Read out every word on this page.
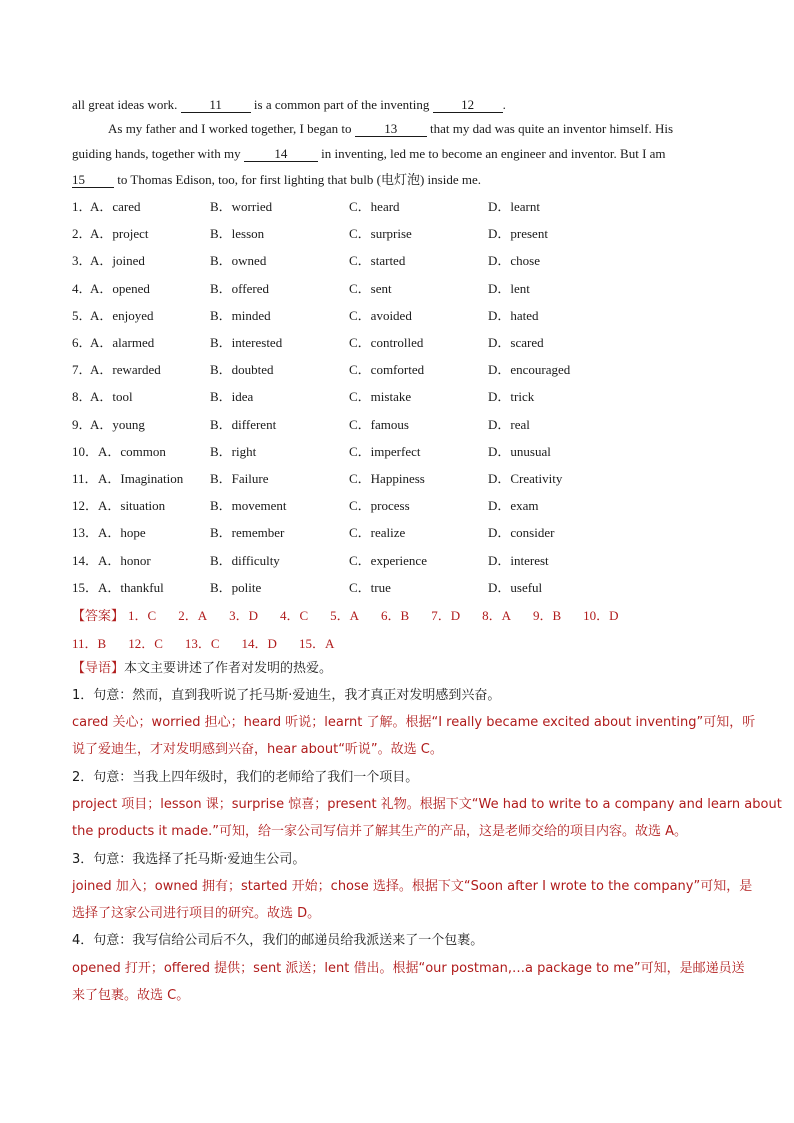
all great ideas work. 11 is a common part of the inventing 12 .
As my father and I worked together, I began to 13 that my dad was quite an inventor himself. His
guiding hands, together with my 14 in inventing, led me to become an engineer and inventor. But I am
15 to Thomas Edison, too, for first lighting that bulb (电灯泡) inside me.
1．
A．cared	B．worried	C．heard	D．learnt
2．
A．project	B．lesson	C．surprise	D．present
3．
A．joined	B．owned	C．started	D．chose
4．
A．opened	B．offered	C．sent	D．lent
5．
A．enjoyed	B．minded	C．avoided	D．hated
6．
A．alarmed	B．interested	C．controlled	D．scared
7．
A．rewarded	B．doubted	C．comforted	D．encouraged
8．
A．tool	B．idea	C．mistake	D．trick
9．
A．young	B．different	C．famous	D．real
10． A．common	B．right	C．imperfect	D．unusual
11． A．Imagination B．Failure	C．Happiness	D．Creativity
12． A．situation	B．movement	C．process	D．exam
13． A．hope	B．remember	C．realize	D．consider
14． A．honor	B．difficulty	C．experience	D．interest
15． A．thankful	B．polite	C．true	D．useful
【答案】 1．C 2．A 3．D 4．C 5．A 6．B 7．D 8．A 9．B 10．D
11．B 12．C 13．C 14．D 15．A
【导语】本文主要讲述了作者对发明的热爱。
1．句意：然而，直到我听说了托马斯·爱迪生，我才真正对发明感到兴奋。
cared 关心；worried 担心；heard 听说；learnt 了解。根据“I really became excited about inventing”可知，听
说了爱迪生，才对发明感到兴奋，hear about“听说”。故选 C。
2．句意：当我上四年级时，我们的老师给了我们一个项目。
project 项目；lesson 课；surprise 惊喜；present 礼物。根据下文“We had to write to a company and learn about
the products it made.”可知，给一家公司写信并了解其生产的产品，这是老师交给的项目内容。故选 A。
3．句意：我选择了托马斯·爱迪生公司。
joined 加入；owned 拥有；started 开始；chose 选择。根据下文“Soon after I wrote to the company”可知，是
选择了这家公司进行项目的研究。故选 D。
4．句意：我写信给公司后不久，我们的邮递员给我派送来了一个包裹。
opened 打开；offered 提供；sent 派送；lent 借出。根据“our postman,…a package to me”可知，是邮递员送
来了包裹。故选 C。
